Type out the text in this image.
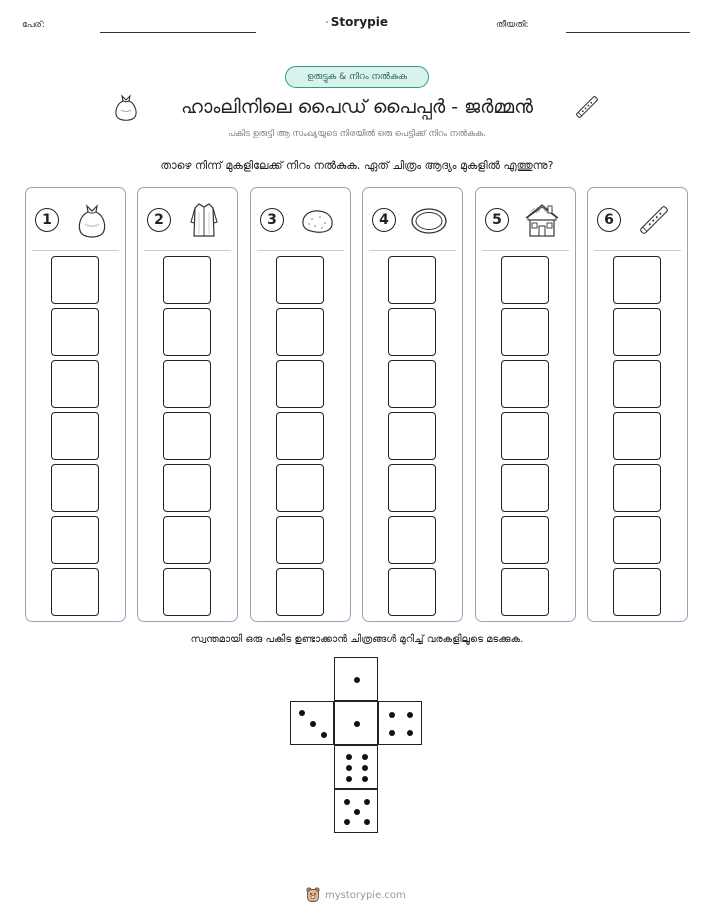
പേര്:	Storypie	തീയതി:
ഉരുട്ടുക & നിറം നൽകുക
ഹാംലിനിലെ പൈഡ് പൈപ്പർ - ജർമ്മൻ
പകിട ഉരുട്ടി ആ സംഖ്യയുടെ നിരയിൽ ഒരു പെട്ടിക്ക് നിറം നൽകുക.
താഴെ നിന്ന് മുകളിലേക്ക് നിറം നൽകുക. ഏത് ചിത്രം ആദ്യം മുകളിൽ എത്തുന്നു?
1	2	3	4	5	6
സ്വന്തമായി ഒരു പകിട ഉണ്ടാക്കാൻ ചിത്രങ്ങൾ മുറിച്ച് വരകളിലൂടെ മടക്കുക.
mystorypie.com
